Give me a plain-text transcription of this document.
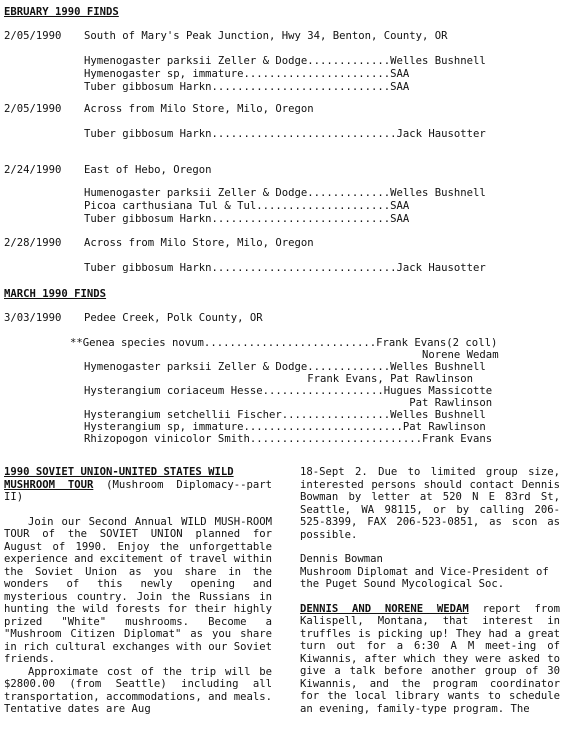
EBRUARY 1990 FINDS
2/05/1990 South of Mary's Peak Junction, Hwy 34, Benton, County, OR
Hymenogaster parksii Zeller & Dodge.............Welles Bushnell
Hymenogaster sp, immature.......................SAA
Tuber gibbosum Harkn............................SAA
2/05/1990 Across from Milo Store, Milo, Oregon
Tuber gibbosum Harkn.............................Jack Hausotter
2/24/1990 East of Hebo, Oregon
Humenogaster parksii Zeller & Dodge.............Welles Bushnell
Picoa carthusiana Tul & Tul.....................SAA
Tuber gibbosum Harkn............................SAA
2/28/1990 Across from Milo Store, Milo, Oregon
Tuber gibbosum Harkn.............................Jack Hausotter
MARCH 1990 FINDS
3/03/1990 Pedee Creek, Polk County, OR
**Genea species novum...........................Frank Evans(2 coll)
Norene Wedam
Hymenogaster parksii Zeller & Dodge.............Welles Bushnell
Frank Evans, Pat Rawlinson
Hysterangium coriaceum Hesse...................Hugues Massicotte
Pat Rawlinson
Hysterangium setchellii Fischer.................Welles Bushnell
Hysterangium sp, immature.........................Pat Rawlinson
Rhizopogon vinicolor Smith...........................Frank Evans

1990 SOVIET UNION-UNITED STATES WILD
MUSHROOM TOUR (Mushroom Diplomacy--part II)

Join our Second Annual WILD MUSH-ROOM TOUR of the SOVIET UNION planned for August of 1990. Enjoy the unforgettable experience and excitement of travel within the Soviet Union as you share in the wonders of this newly opening and mysterious country. Join the Russians in hunting the wild forests for their highly prized "White" mushrooms. Become a "Mushroom Citizen Diplomat" as you share in rich cultural exchanges with our Soviet friends.

Approximate cost of the trip will be $2800.00 (from Seattle) including all transportation, accommodations, and meals. Tentative dates are Aug

18-Sept 2. Due to limited group size, interested persons should contact Dennis Bowman by letter at 520 N E 83rd St, Seattle, WA 98115, or by calling 206-525-8399, FAX 206-523-0851, as scon as possible.

Dennis Bowman
Mushroom Diplomat and Vice-President of the Puget Sound Mycological Soc.

DENNIS AND NORENE WEDAM report from Kalispell, Montana, that interest in truffles is picking up! They had a great turn out for a 6:30 A M meet-ing of Kiwannis, after which they were asked to give a talk before another group of 30 Kiwannis, and the program coordinator for the local library wants to schedule an evening, family-type program. The
